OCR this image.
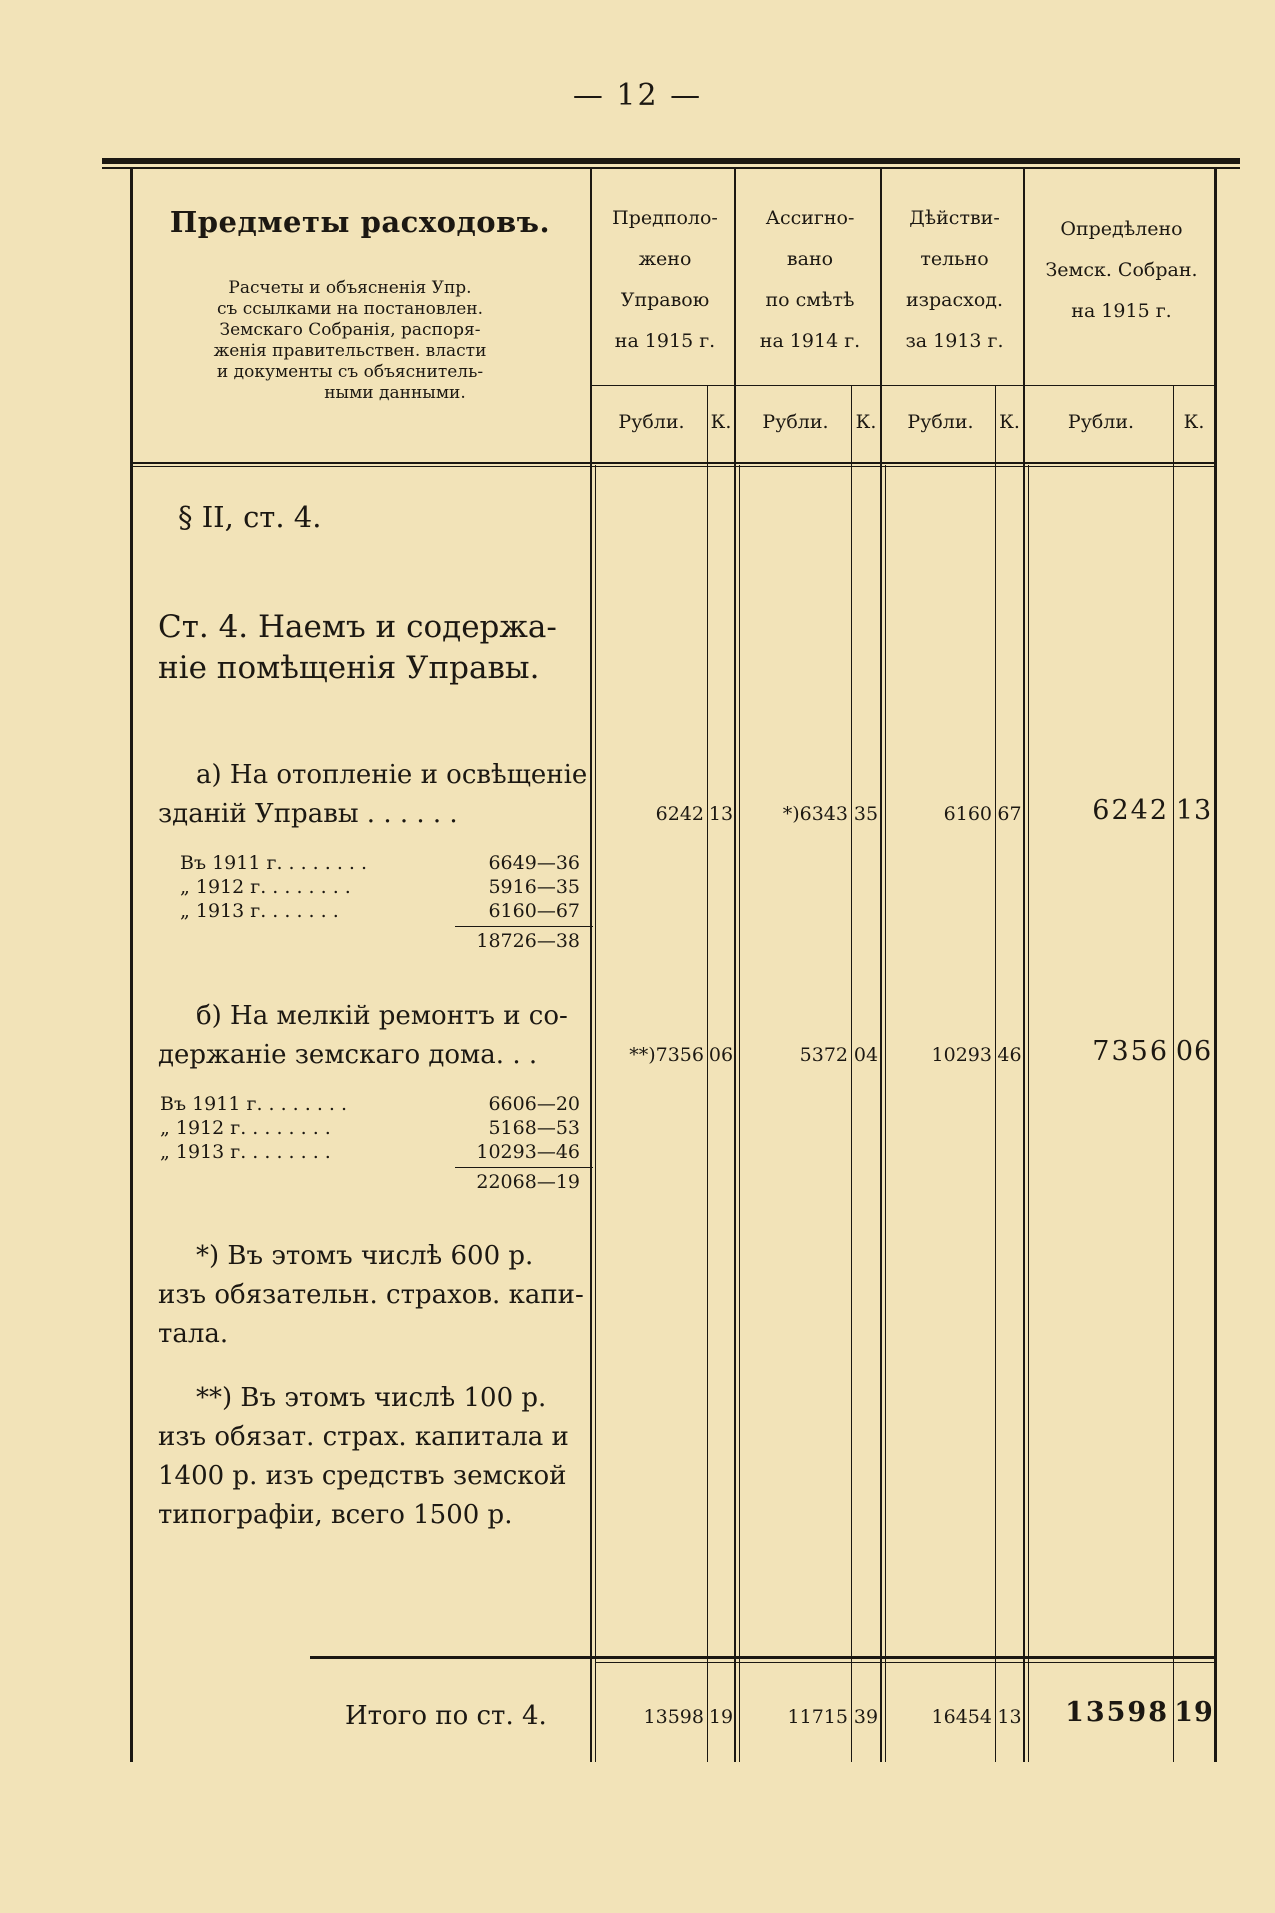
— 12 —
Предметы расходовъ.
Расчеты и объясненія Упр.
съ ссылками на постановлен.
Земскаго Собранія, распоря-
женія правительствен. власти
и документы съ объяснитель-
ными данными.
Предполо-
жено
Управою
на 1915 г.
Ассигно-
вано
по смѣтѣ
на 1914 г.
Дѣйстви-
тельно
израсход.
за 1913 г.
Опредѣлено
Земск. Собран.
на 1915 г.
Рубли.	К.	Рубли.	К.	Рубли.	К.	Рубли.	К.
§ II, ст. 4.
Ст. 4. Наемъ и содержа-
ніе помѣщенія Управы.
а) На отопленіе и освѣщеніе
зданій Управы . . . . . .
Въ 1911 г. . . . . . . .	6649—36
„ 1912 г. . . . . . . .	5916—35
„ 1913 г. . . . . . .	6160—67
18726—38
6242 13	*)6343 35	6160 67	6242 13
б) На мелкій ремонтъ и со-
держаніе земскаго дома. . .
Въ 1911 г. . . . . . . .	6606—20
„ 1912 г. . . . . . . .	5168—53
„ 1913 г. . . . . . . .	10293—46
22068—19
**)7356 06	5372 04	10293 46	7356 06
*) Въ этомъ числѣ 600 р.
изъ обязательн. страхов. капи-
тала.
**) Въ этомъ числѣ 100 р.
изъ обязат. страх. капитала и
1400 р. изъ средствъ земской
типографіи, всего 1500 р.
Итого по ст. 4.	13598 19	11715 39	16454 13	13598 19
